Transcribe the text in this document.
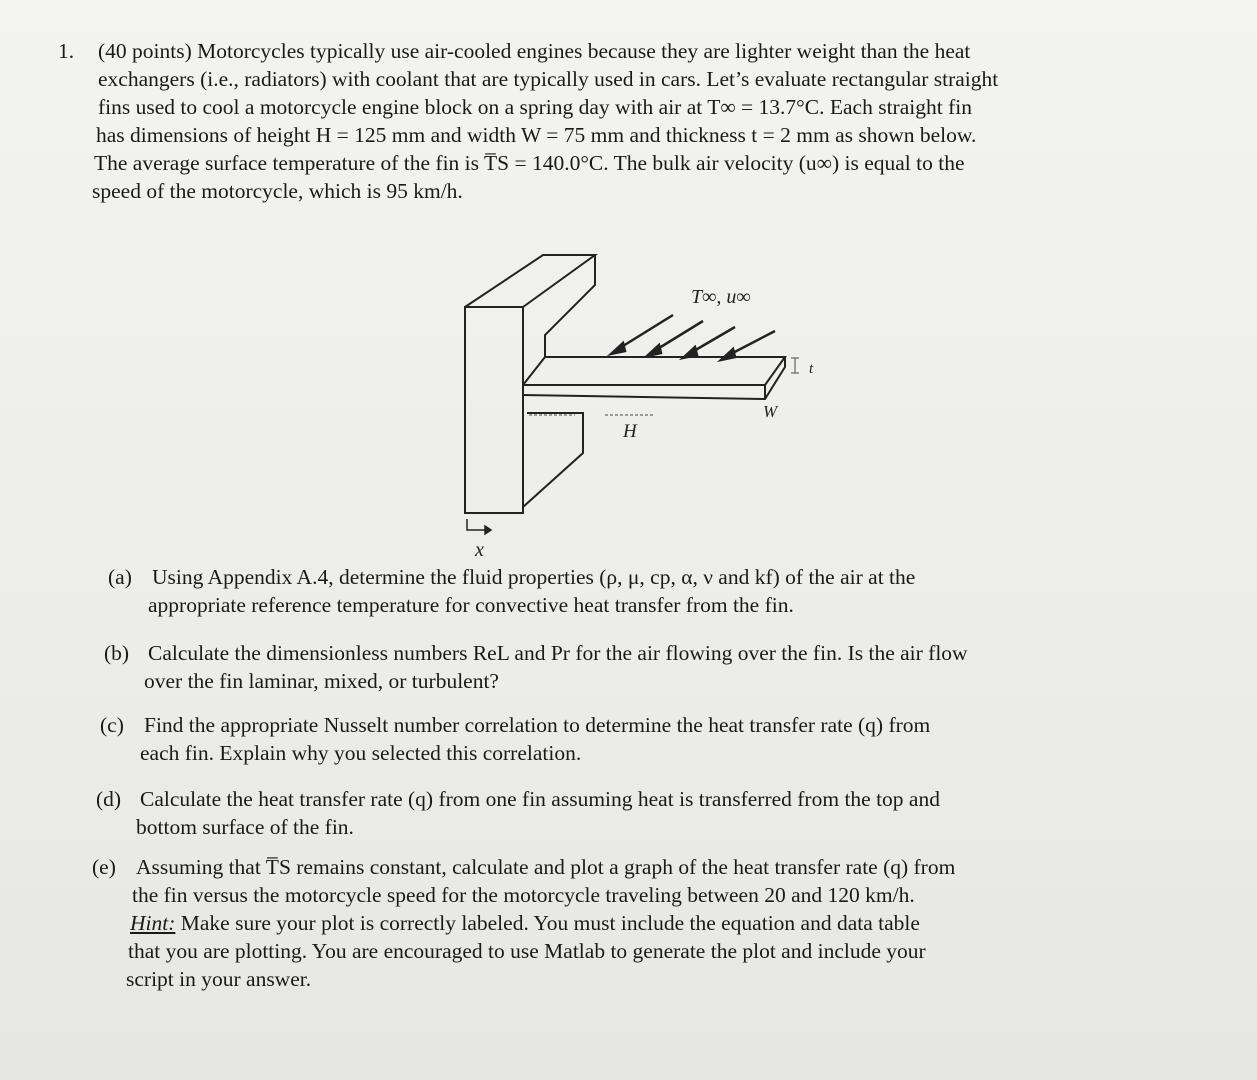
1. (40 points) Motorcycles typically use air-cooled engines because they are lighter weight than the heat
exchangers (i.e., radiators) with coolant that are typically used in cars. Let’s evaluate rectangular straight
fins used to cool a motorcycle engine block on a spring day with air at T∞ = 13.7°C. Each straight fin
has dimensions of height H = 125 mm and width W = 75 mm and thickness t = 2 mm as shown below.
The average surface temperature of the fin is T̅S = 140.0°C. The bulk air velocity (u∞) is equal to the
speed of the motorcycle, which is 95 km/h.
T∞, u∞
t
W
H
x
(a) Using Appendix A.4, determine the fluid properties (ρ, μ, cp, α, ν and kf) of the air at the
appropriate reference temperature for convective heat transfer from the fin.
(b) Calculate the dimensionless numbers ReL and Pr for the air flowing over the fin. Is the air flow
over the fin laminar, mixed, or turbulent?
(c) Find the appropriate Nusselt number correlation to determine the heat transfer rate (q) from
each fin. Explain why you selected this correlation.
(d) Calculate the heat transfer rate (q) from one fin assuming heat is transferred from the top and
bottom surface of the fin.
(e) Assuming that T̅S remains constant, calculate and plot a graph of the heat transfer rate (q) from
the fin versus the motorcycle speed for the motorcycle traveling between 20 and 120 km/h.
Hint: Make sure your plot is correctly labeled. You must include the equation and data table
that you are plotting. You are encouraged to use Matlab to generate the plot and include your
script in your answer.
